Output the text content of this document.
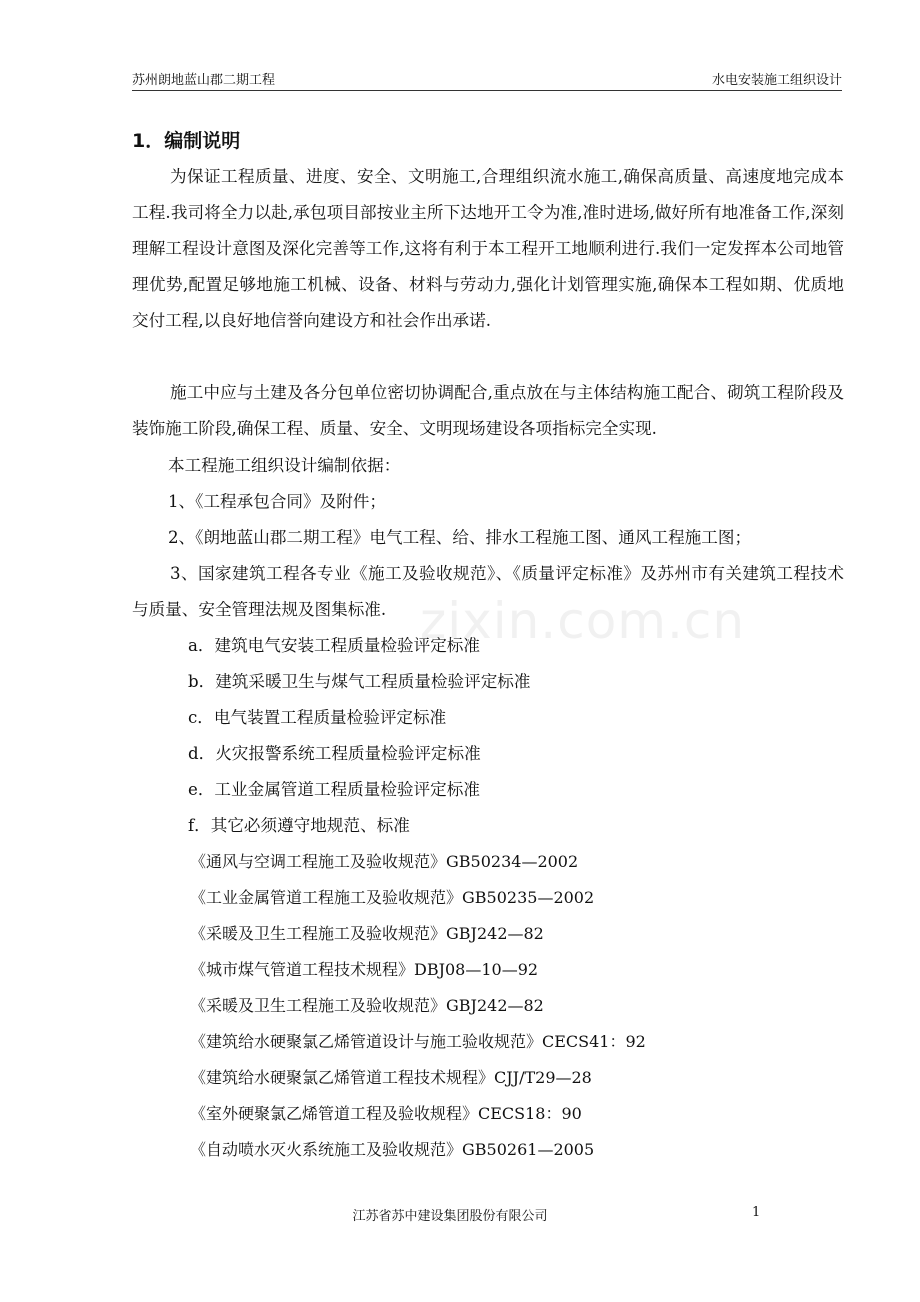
苏州朗地蓝山郡二期工程	水电安装施工组织设计
zixin.com.cn
1．编制说明

为保证工程质量、进度、安全、文明施工,合理组织流水施工,确保高质量、高速度地完成本工程.我司将全力以赴,承包项目部按业主所下达地开工令为准,准时进场,做好所有地准备工作,深刻理解工程设计意图及深化完善等工作,这将有利于本工程开工地顺利进行.我们一定发挥本公司地管理优势,配置足够地施工机械、设备、材料与劳动力,强化计划管理实施,确保本工程如期、优质地交付工程,以良好地信誉向建设方和社会作出承诺.

施工中应与土建及各分包单位密切协调配合,重点放在与主体结构施工配合、砌筑工程阶段及装饰施工阶段,确保工程、质量、安全、文明现场建设各项指标完全实现.

本工程施工组织设计编制依据：
1、《工程承包合同》及附件；
2、《朗地蓝山郡二期工程》电气工程、给、排水工程施工图、通风工程施工图；

3、国家建筑工程各专业《施工及验收规范》、《质量评定标准》及苏州市有关建筑工程技术与质量、安全管理法规及图集标准.

a．建筑电气安装工程质量检验评定标准
b．建筑采暖卫生与煤气工程质量检验评定标准
c．电气装置工程质量检验评定标准
d．火灾报警系统工程质量检验评定标准
e．工业金属管道工程质量检验评定标准
f．其它必须遵守地规范、标准
《通风与空调工程施工及验收规范》GB50234—2002
《工业金属管道工程施工及验收规范》GB50235—2002
《采暖及卫生工程施工及验收规范》GBJ242—82
《城市煤气管道工程技术规程》DBJ08—10—92
《采暖及卫生工程施工及验收规范》GBJ242—82
《建筑给水硬聚氯乙烯管道设计与施工验收规范》CECS41：92
《建筑给水硬聚氯乙烯管道工程技术规程》CJJ/T29—28
《室外硬聚氯乙烯管道工程及验收规程》CECS18：90
《自动喷水灭火系统施工及验收规范》GB50261—2005
江苏省苏中建设集团股份有限公司	1
